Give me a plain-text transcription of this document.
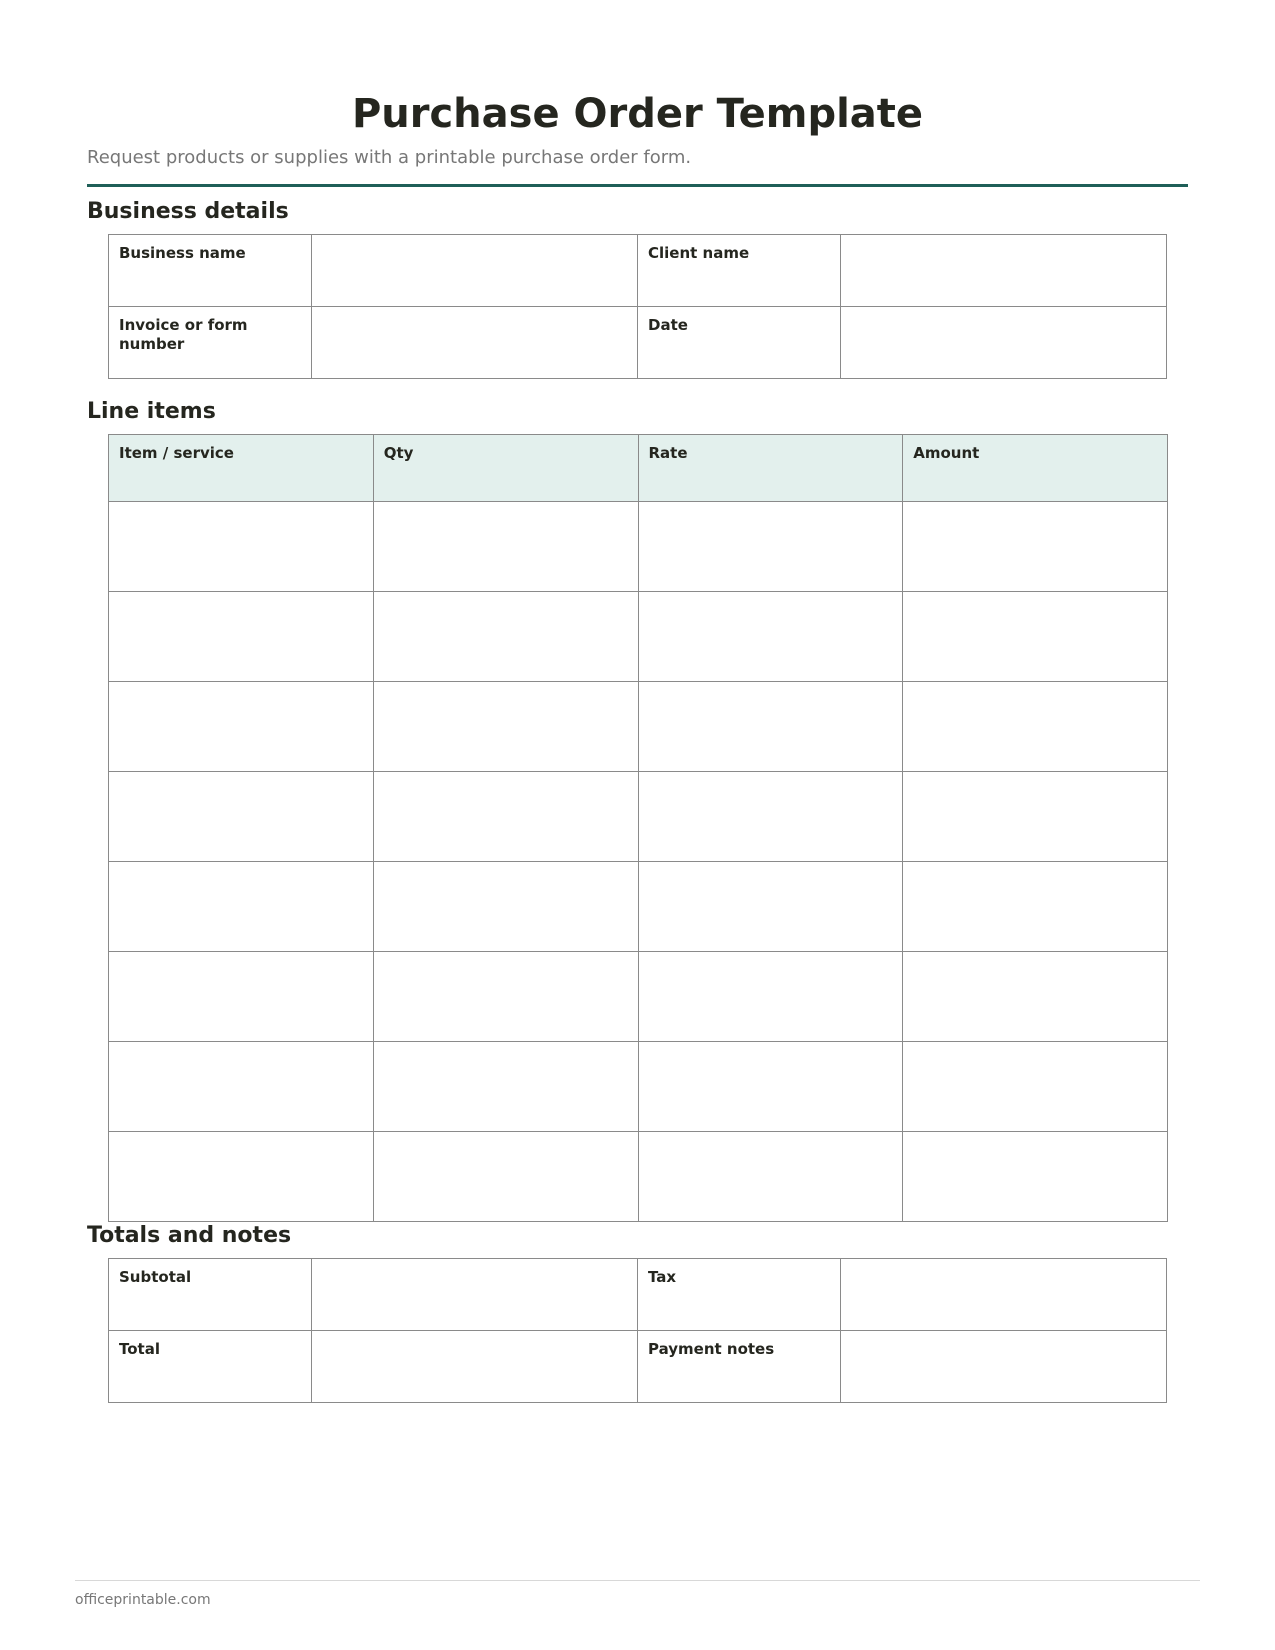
Purchase Order Template
Request products or supplies with a printable purchase order form.
Business details
Business name		Client name	
Invoice or form number		Date	
Line items
Item / service	Qty	Rate	Amount

Totals and notes
Subtotal		Tax	
Total		Payment notes	
officeprintable.com
